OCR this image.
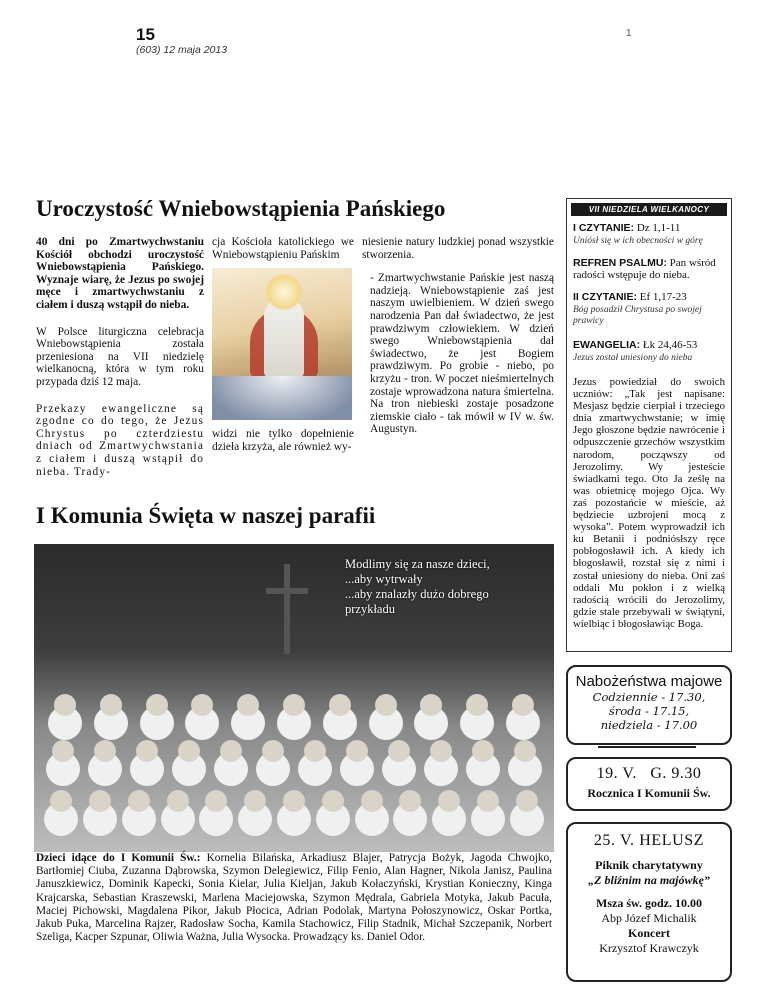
15
(603) 12 maja 2013
1
Uroczystość Wniebowstąpienia Pańskiego

40 dni po Zmartwychwstaniu Kościół obchodzi uroczystość Wniebowstąpienia Pańskiego. Wyznaje wiarę, że Jezus po swojej męce i zmartwychwstaniu z ciałem i duszą wstąpił do nieba.

W Polsce liturgiczna celebracja Wniebowstąpienia została przeniesiona na VII niedzielę wielkanocną, która w tym roku przypada dziś 12 maja.

Przekazy ewangeliczne są zgodne co do tego, że Jezus Chrystus po czterdziestu dniach od Zmartwychwstania z ciałem i duszą wstąpił do nieba. Trady-

cja Kościoła katolickiego we Wniebowstąpieniu Pańskim

widzi nie tylko dopełnienie dzieła krzyża, ale również wy-

niesienie natury ludzkiej ponad wszystkie stworzenia.

- Zmartwychwstanie Pańskie jest naszą nadzieją. Wniebowstąpienie zaś jest naszym uwielbieniem. W dzień swego narodzenia Pan dał świadectwo, że jest prawdziwym człowiekiem. W dzień swego Wniebowstąpienia dał świadectwo, że jest Bogiem prawdziwym. Po grobie - niebo, po krzyżu - tron. W poczet nieśmiertelnych zostaje wprowadzona natura śmiertelna. Na tron niebieski zostaje posadzone ziemskie ciało - tak mówił w IV w. św. Augustyn.

I Komunia Święta w naszej parafii
Modlimy się za nasze dzieci,
...aby wytrwały
...aby znalazły dużo dobrego
przykładu
Dzieci idące do I Komunii Św.: Kornelia Bilańska, Arkadiusz Blajer, Patrycja Bożyk, Jagoda Chwojko, Bartłomiej Ciuba, Zuzanna Dąbrowska, Szymon Delegiewicz, Filip Fenio, Alan Hagner, Nikola Janisz, Paulina Januszkiewicz, Dominik Kapecki, Sonia Kielar, Julia Kieljan, Jakub Kołaczyński, Krystian Konieczny, Kinga Krajcarska, Sebastian Kraszewski, Marlena Maciejowska, Szymon Mędrala, Gabriela Motyka, Jakub Pacuła, Maciej Pichowski, Magdalena Pikor, Jakub Płocica, Adrian Podolak, Martyna Połoszynowicz, Oskar Portka, Jakub Puka, Marcelina Rajzer, Radosław Socha, Kamila Stachowicz, Filip Stadnik, Michał Szczepanik, Norbert Szeliga, Kacper Szpunar, Oliwia Ważna, Julia Wysocka. Prowadzący ks. Daniel Odor.
VII NIEDZIELA WIELKANOCY
I CZYTANIE: Dz 1,1-11
Uniósł się w ich obecności w górę
REFREN PSALMU: Pan wśród radości wstępuje do nieba.
II CZYTANIE: Ef 1,17-23
Bóg posadził Chrystusa po swojej prawicy
EWANGELIA: Łk 24,46-53
Jezus został uniesiony do nieba

Jezus powiedział do swoich uczniów: „Tak jest napisane: Mesjasz będzie cierpiał i trzeciego dnia zmartwychwstanie; w imię Jego głoszone będzie nawrócenie i odpuszczenie grzechów wszystkim narodom, począwszy od Jerozolimy. Wy jesteście świadkami tego. Oto Ja ześlę na was obietnicę mojego Ojca. Wy zaś pozostańcie w mieście, aż będziecie uzbrojeni mocą z wysoka”. Potem wyprowadził ich ku Betanii i podniósłszy ręce pobłogosławił ich. A kiedy ich błogosławił, rozstał się z nimi i został uniesiony do nieba. Oni zaś oddali Mu pokłon i z wielką radością wrócili do Jerozolimy, gdzie stale przebywali w świątyni, wielbiąc i błogosławiąc Boga.

Nabożeństwa majowe
Codziennie - 17.30,
środa - 17.15,
niedziela - 17.00
19. V.   G. 9.30
Rocznica I Komunii Św.
25. V. HELUSZ
Piknik charytatywny
„Z bliźnim na majówkę”
Msza św. godz. 10.00
Abp Józef Michalik
Koncert
Krzysztof Krawczyk
